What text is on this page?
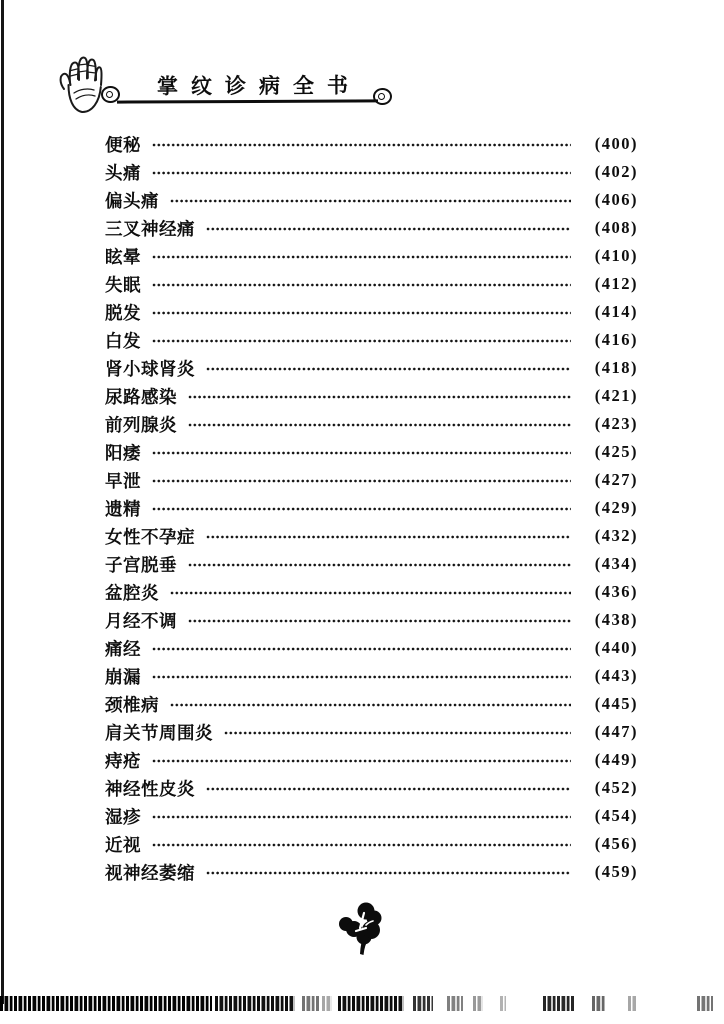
掌纹诊病全书
便秘	(400)
头痛	(402)
偏头痛	(406)
三叉神经痛	(408)
眩晕	(410)
失眠	(412)
脱发	(414)
白发	(416)
肾小球肾炎	(418)
尿路感染	(421)
前列腺炎	(423)
阳痿	(425)
早泄	(427)
遗精	(429)
女性不孕症	(432)
子宫脱垂	(434)
盆腔炎	(436)
月经不调	(438)
痛经	(440)
崩漏	(443)
颈椎病	(445)
肩关节周围炎	(447)
痔疮	(449)
神经性皮炎	(452)
湿疹	(454)
近视	(456)
视神经萎缩	(459)
